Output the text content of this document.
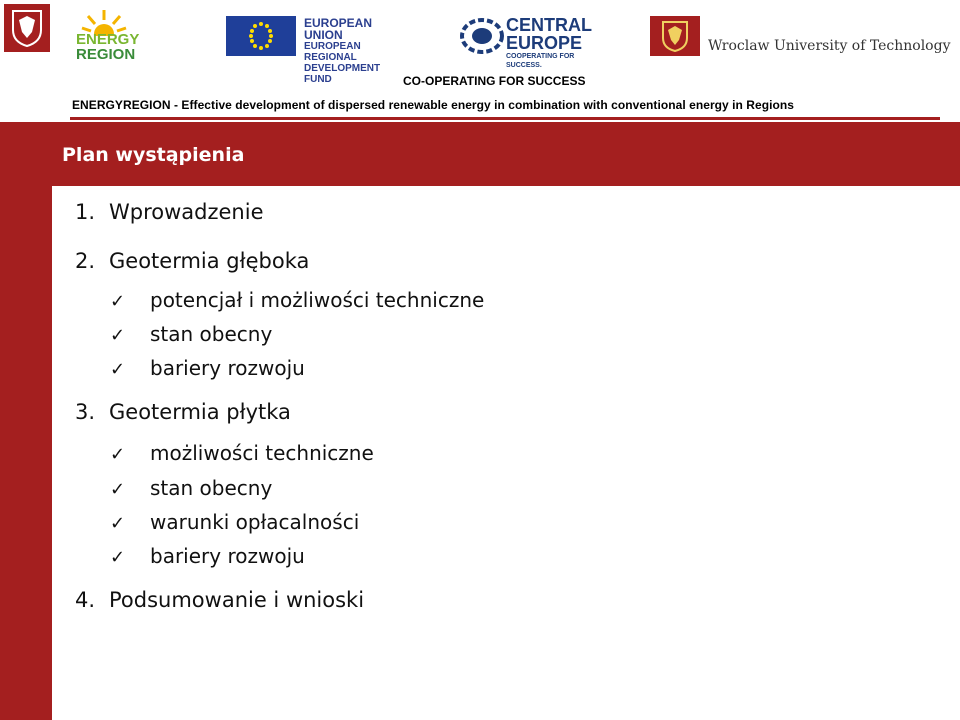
ENERGY
REGION
EUROPEAN UNION
EUROPEAN REGIONAL
DEVELOPMENT FUND
CENTRAL
EUROPE
COOPERATING FOR SUCCESS.
Wroclaw University of Technology
CO-OPERATING FOR SUCCESS
ENERGYREGION - Effective development of dispersed renewable energy in combination with conventional energy in Regions
Plan wystąpienia
1. Wprowadzenie
2. Geotermia głęboka
✓ potencjał i możliwości techniczne
✓ stan obecny
✓ bariery rozwoju
3. Geotermia płytka
✓ możliwości techniczne
✓ stan obecny
✓ warunki opłacalności
✓ bariery rozwoju
4. Podsumowanie i wnioski
